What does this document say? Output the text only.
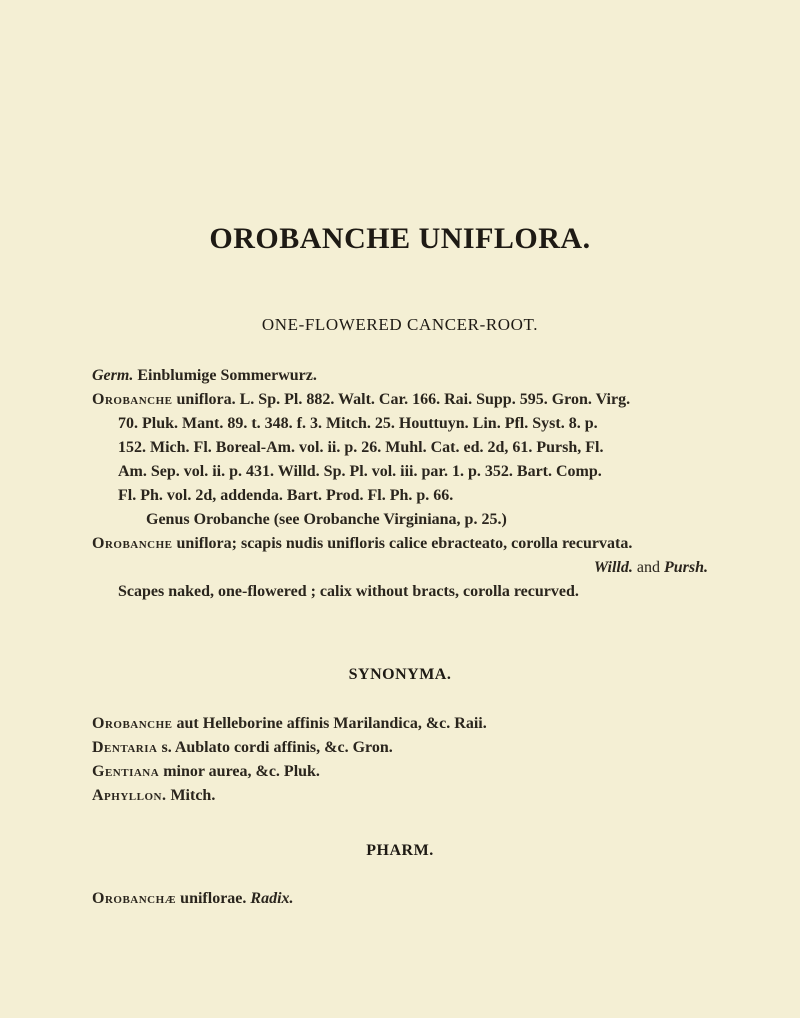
OROBANCHE UNIFLORA.
ONE-FLOWERED CANCER-ROOT.
Germ. Einblumige Sommerwurz.
Orobanche uniflora. L. Sp. Pl. 882. Walt. Car. 166. Rai. Supp. 595. Gron. Virg.
70. Pluk. Mant. 89. t. 348. f. 3. Mitch. 25. Houttuyn. Lin. Pfl. Syst. 8. p.
152. Mich. Fl. Boreal-Am. vol. ii. p. 26. Muhl. Cat. ed. 2d, 61. Pursh, Fl.
Am. Sep. vol. ii. p. 431. Willd. Sp. Pl. vol. iii. par. 1. p. 352. Bart. Comp.
Fl. Ph. vol. 2d, addenda. Bart. Prod. Fl. Ph. p. 66.
Genus Orobanche (see Orobanche Virginiana, p. 25.)
Orobanche uniflora; scapis nudis unifloris calice ebracteato, corolla recurvata.
Willd. and Pursh.
Scapes naked, one-flowered ; calix without bracts, corolla recurved.
SYNONYMA.
Orobanche aut Helleborine affinis Marilandica, &c. Raii.
Dentaria s. Aublato cordi affinis, &c. Gron.
Gentiana minor aurea, &c. Pluk.
Aphyllon. Mitch.
PHARM.
Orobanchæ uniflorae. Radix.
